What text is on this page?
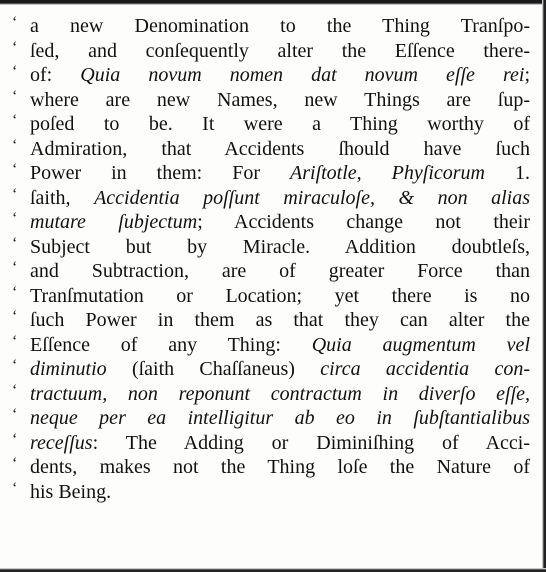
‘ a new Denomination to the Thing Tranſpo-
‘ ſed, and conſequently alter the Eſſence there-
‘ of: Quia novum nomen dat novum eſſe rei;
‘ where are new Names, new Things are ſup-
‘ poſed to be. It were a Thing worthy of
‘ Admiration, that Accidents ſhould have ſuch
‘ Power in them: For Ariſtotle, Phyſicorum 1.
‘ ſaith, Accidentia poſſunt miraculoſe, & non alias
‘ mutare ſubjectum; Accidents change not their
‘ Subject but by Miracle. Addition doubtleſs,
‘ and Subtraction, are of greater Force than
‘ Tranſmutation or Location; yet there is no
‘ ſuch Power in them as that they can alter the
‘ Eſſence of any Thing: Quia augmentum vel
‘ diminutio (ſaith Chaſſaneus) circa accidentia con-
‘ tractuum, non reponunt contractum in diverſo eſſe,
‘ neque per ea intelligitur ab eo in ſubſtantialibus
‘ receſſus: The Adding or Diminiſhing of Acci-
‘ dents, makes not the Thing loſe the Nature of
‘ his Being.
